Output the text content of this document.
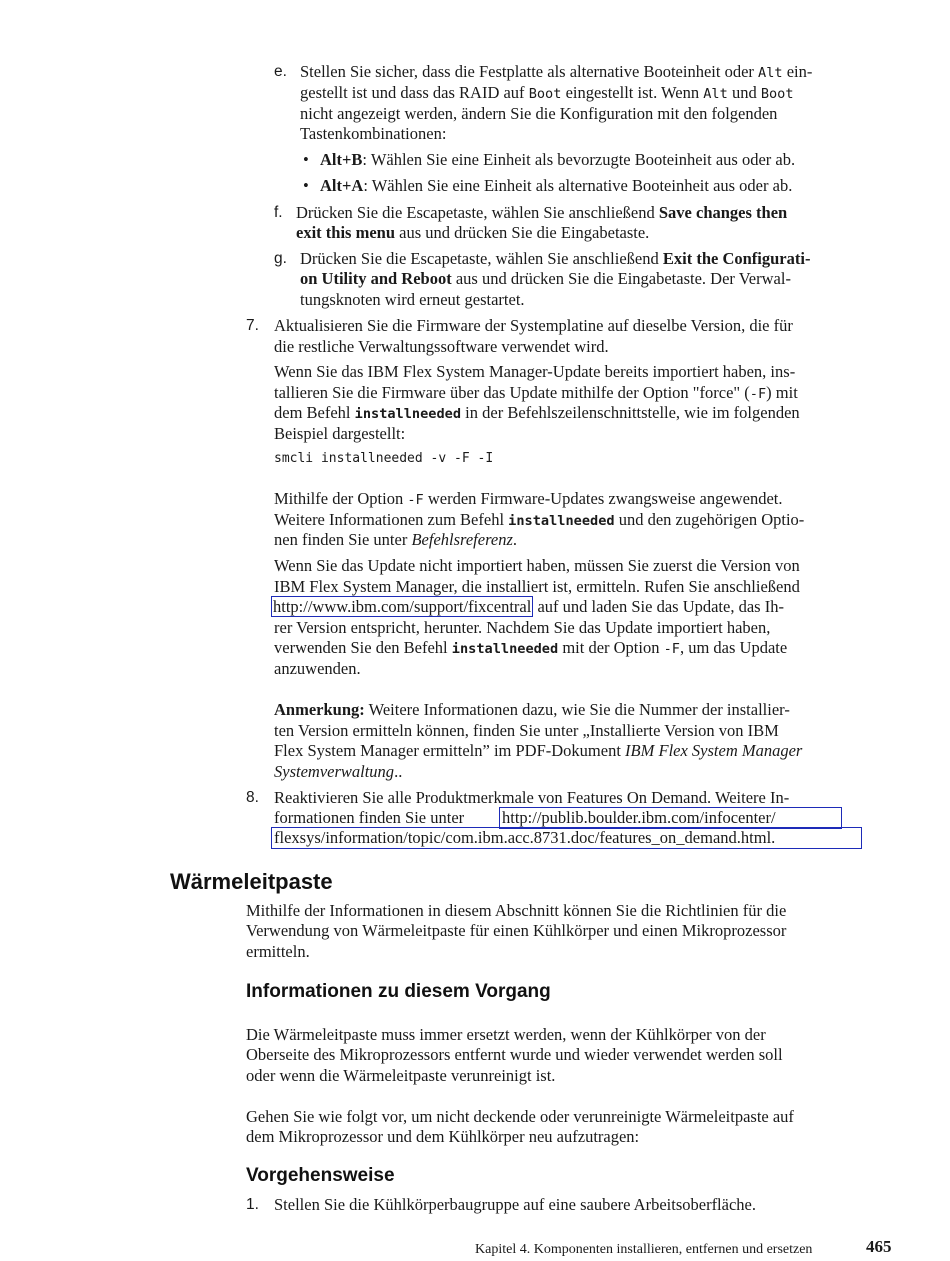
e. Stellen Sie sicher, dass die Festplatte als alternative Booteinheit oder Alt ein-
gestellt ist und dass das RAID auf Boot eingestellt ist. Wenn Alt und Boot
nicht angezeigt werden, ändern Sie die Konfiguration mit den folgenden
Tastenkombinationen:
• Alt+B: Wählen Sie eine Einheit als bevorzugte Booteinheit aus oder ab.
• Alt+A: Wählen Sie eine Einheit als alternative Booteinheit aus oder ab.
f. Drücken Sie die Escapetaste, wählen Sie anschließend Save changes then
exit this menu aus und drücken Sie die Eingabetaste.
g. Drücken Sie die Escapetaste, wählen Sie anschließend Exit the Configurati-
on Utility and Reboot aus und drücken Sie die Eingabetaste. Der Verwal-
tungsknoten wird erneut gestartet.
7. Aktualisieren Sie die Firmware der Systemplatine auf dieselbe Version, die für
die restliche Verwaltungssoftware verwendet wird.
Wenn Sie das IBM Flex System Manager-Update bereits importiert haben, ins-
tallieren Sie die Firmware über das Update mithilfe der Option "force" (-F) mit
dem Befehl installneeded in der Befehlszeilenschnittstelle, wie im folgenden
Beispiel dargestellt:
smcli installneeded -v -F -I
Mithilfe der Option -F werden Firmware-Updates zwangsweise angewendet.
Weitere Informationen zum Befehl installneeded und den zugehörigen Optio-
nen finden Sie unter Befehlsreferenz.
Wenn Sie das Update nicht importiert haben, müssen Sie zuerst die Version von
IBM Flex System Manager, die installiert ist, ermitteln. Rufen Sie anschließend
http://www.ibm.com/support/fixcentral auf und laden Sie das Update, das Ih-
rer Version entspricht, herunter. Nachdem Sie das Update importiert haben,
verwenden Sie den Befehl installneeded mit der Option -F, um das Update
anzuwenden.
Anmerkung: Weitere Informationen dazu, wie Sie die Nummer der installier-
ten Version ermitteln können, finden Sie unter „Installierte Version von IBM
Flex System Manager ermitteln” im PDF-Dokument IBM Flex System Manager
Systemverwaltung..
8. Reaktivieren Sie alle Produktmerkmale von Features On Demand. Weitere In-
formationen finden Sie unter http://publib.boulder.ibm.com/infocenter/
flexsys/information/topic/com.ibm.acc.8731.doc/features_on_demand.html.
Wärmeleitpaste
Mithilfe der Informationen in diesem Abschnitt können Sie die Richtlinien für die
Verwendung von Wärmeleitpaste für einen Kühlkörper und einen Mikroprozessor
ermitteln.
Informationen zu diesem Vorgang
Die Wärmeleitpaste muss immer ersetzt werden, wenn der Kühlkörper von der
Oberseite des Mikroprozessors entfernt wurde und wieder verwendet werden soll
oder wenn die Wärmeleitpaste verunreinigt ist.
Gehen Sie wie folgt vor, um nicht deckende oder verunreinigte Wärmeleitpaste auf
dem Mikroprozessor und dem Kühlkörper neu aufzutragen:
Vorgehensweise
1. Stellen Sie die Kühlkörperbaugruppe auf eine saubere Arbeitsoberfläche.
Kapitel 4. Komponenten installieren, entfernen und ersetzen	465
